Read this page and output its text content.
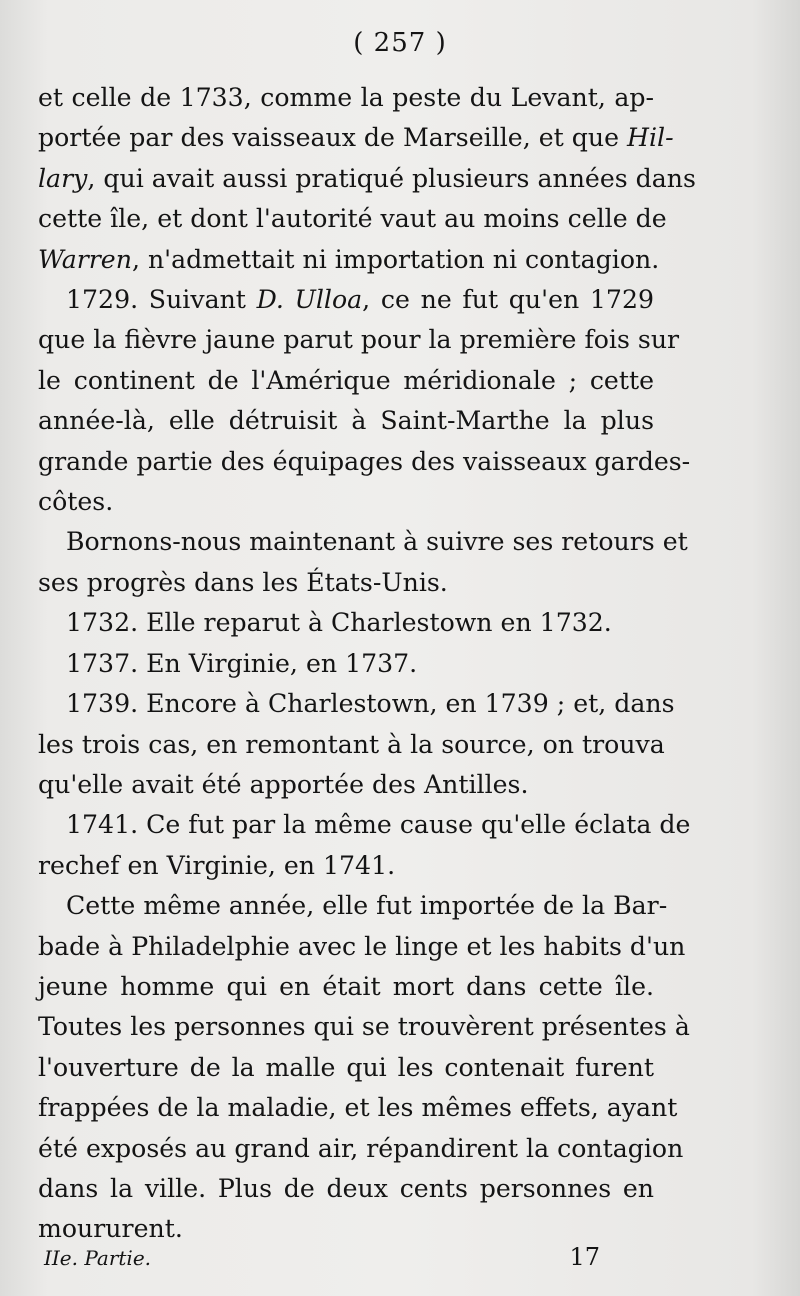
( 257 )
et celle de 1733, comme la peste du Levant, ap-
portée par des vaisseaux de Marseille, et que Hil-
lary, qui avait aussi pratiqué plusieurs années dans
cette île, et dont l'autorité vaut au moins celle de
Warren, n'admettait ni importation ni contagion.
1729. Suivant D. Ulloa, ce ne fut qu'en 1729
que la fièvre jaune parut pour la première fois sur
le continent de l'Amérique méridionale ; cette
année-là, elle détruisit à Saint-Marthe la plus
grande partie des équipages des vaisseaux gardes-
côtes.
Bornons-nous maintenant à suivre ses retours et
ses progrès dans les États-Unis.
1732. Elle reparut à Charlestown en 1732.
1737. En Virginie, en 1737.
1739. Encore à Charlestown, en 1739 ; et, dans
les trois cas, en remontant à la source, on trouva
qu'elle avait été apportée des Antilles.
1741. Ce fut par la même cause qu'elle éclata de
rechef en Virginie, en 1741.
Cette même année, elle fut importée de la Bar-
bade à Philadelphie avec le linge et les habits d'un
jeune homme qui en était mort dans cette île.
Toutes les personnes qui se trouvèrent présentes à
l'ouverture de la malle qui les contenait furent
frappées de la maladie, et les mêmes effets, ayant
été exposés au grand air, répandirent la contagion
dans la ville. Plus de deux cents personnes en
moururent.
IIe. Partie.	17
